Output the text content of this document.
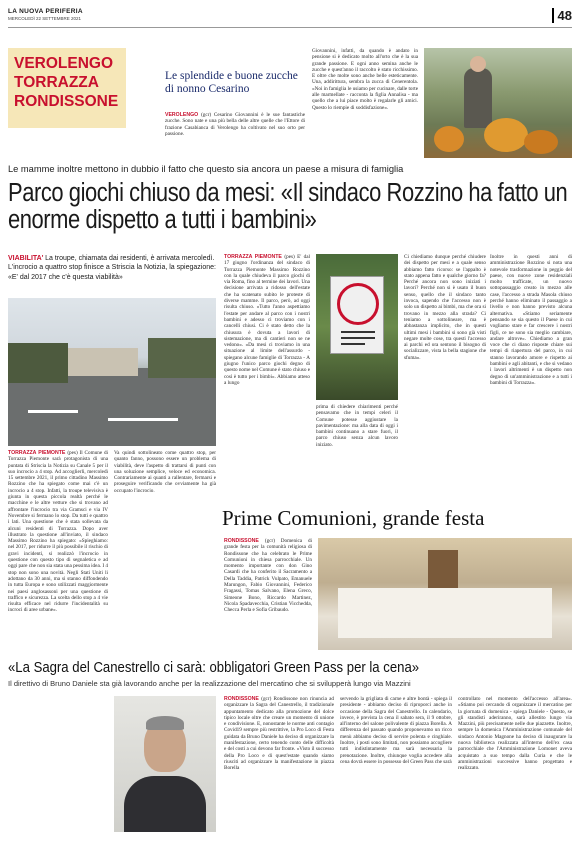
LA NUOVA PERIFERIA
MERCOLEDÌ 22 SETTEMBRE 2021	48
VEROLENGO
TORRAZZA
RONDISSONE
Le splendide e buone zucche di nonno Cesarino
VEROLENGO (gcr) Cesarino Giovannini è le sue fantastiche zucche. Sono nate e una più bella delle altre quelle che l'Ettore di frazione Casabianca di Verolengo ha coltivato nel suo orto per passione.
Giovannini, infatti, da quando è andato in pensione si è dedicato molto all'orto che è la sua grande passione. E ogni anno semina anche le zucche e quest'anno il raccolto è stato ricchissimo. E oltre che molte sono anche belle esteticamente. Una, addirittura, sembra la zucca di Cenerentola. «Noi in famiglia le usiamo per cucinare, dalle torte alle marmellate - racconta la figlia Annalisa - ma quello che a lui piace molto è regalarle gli amici. Questo lo riempie di soddisfazione».
Le mamme inoltre mettono in dubbio il fatto che questo sia ancora un paese a misura di famiglia
Parco giochi chiuso da mesi: «Il sindaco Rozzino ha fatto un enorme dispetto a tutti i bambini»
VIABILITA' La troupe, chiamata dai residenti, è arrivata mercoledì. L'incrocio a quattro stop finisce a Striscia la Notizia, la spiegazione: «E' dal 2017 che c'è questa viabilità»
TORRAZZA PIEMONTE (pes) Il Comune di Torrazza Piemonte sarà protagonista di una puntata di Striscia la Notizia su Canale 5 per il suo incrocio a 4 stop. Ad accoglierli, mercoledì 15 settembre 2021, il primo cittadino Massimo Rozzino che ha spiegato come mai c'è un incrocio a 4 stop. Infatti, la troupe televisiva è giunta in questa piccola realtà perché le macchine e le altre vetture che si trovano ad affrontare l'incrocio tra via Gramsci e via IV Novembre si fermano lo stop. Da tutti e quattro i lati. Una questione che è stata sollevata da alcuni residenti di Torrazza. Dopo aver illustrato la questione all'inviato, il sindaco Massimo Rozzino ha spiegato: «Spieghiamo: nel 2017, per ridurre il più possibile il rischio di gravi incidenti, si realizzò l'incrocio in questione con questo tipo di segnaletica e ad oggi pare che non sia stata una pessima idea. I 4 stop non sono una novità. Negli Stati Uniti li adottano da 30 anni, ma si stanno diffondendo in tutta Europa e sono utilizzati maggiormente nei paesi anglosassoni per una questione di traffico e sicurezza. La scelta dello stop a 4 vie risulta efficace nel ridurre l'incidentalità su incroci di aree urbane».
Va quindi sottolineato come quattro stop, per quanto fanno, possono essere un problema di viabilità, deve l'aspetto di trattarsi di punti con una soluzione semplice, veloce ed economica. Contrariamente ai quanti a rallentare, fermarsi e proseguire verificando che ovviamente ha già occupato l'incrocio.
TORRAZZA PIEMONTE (pes) E' dal 17 giugno l'ordinanza del sindaco di Torrazza Piemonte Massimo Rozzino con la quale chiudeva il parco giochi di via Roma, fino al termine dei lavori. Una decisione arrivata a ridosso dell'estate che ha scatenato subito le proteste di diverse mamme. Il parco, però, ad oggi risulta chiuso. «Tutto l'anno aspettiamo l'estate per andare al parco con i nostri bambini e adesso ci troviamo con i cancelli chiusi. Ci è stato detto che la chiusura è dovuta a lavori di sistemazione, ma di cantieri non se ne vedono». «Da mesi ci troviamo in una situazione al limite dell'assurdo - spiegano alcune famiglie di Torrazza - A giugno l'unico parco giochi degno di questo nome nel Comune è stato chiuso e così è tutto per i bimbi». Abbiamo atteso a lungo
prima di chiedere chiarimenti perché pensavamo che in tempi celeri il Comune potesse aggiustare la pavimentazione: ma alla data di oggi i bambini continuano a stare fuori, il parco chiuso senza alcun lavoro iniziato.
Ci chiediamo dunque perché chiudere dei dispetto per mesi e a quale senso abbiamo fatto ricorso: se l'appalto è stato appena fatto e qualche giorno fa? Perché ancora non sono iniziati i lavori? Perché non si è usato il buon senso, quello che il sindaco tanto invoca, sapendo che l'accesso non è solo un dispetto ai bimbi, ma che ora si trovano in mezzo alla strada? Ci teniamo a sottolineare, ma è abbastanza implicito, che in questi ultimi mesi i bambini si sono già visti negare molte cose, tra questi l'accesso ai parchi ed ora sentono il bisogno di socializzare, vista la bella stagione che sfuma».
Inoltre in questi anni di amministrazione Rozzino si nota una notevole trasformazione in peggio del paese, con nuove zone residenziali molto trafficate, un nuovo sottopassaggio creato in mezzo alle case, l'accesso a strada Masola chiuso perché hanno eliminato il passaggio a livello e non hanno previsto alcuna alternativa. «Stiamo seriamente pensando se sia questo il Paese in cui vogliamo stare e far crescere i nostri figli, ce ne sono sia meglio cambiare, andare altrove». Chiediamo a gran voce che ci diano risposte chiare sui tempi di riapertura del parco, in cui stanno lavorando amore e rispetto ai bambini e agli abitanti, e che si vedano i lavori altrimenti è un dispetto non degno di un'amministrazione e a tutti i bambini di Torrazza».
Prime Comunioni, grande festa
RONDISSONE (gcr) Domenica di grande festa per la comunità religiosa di Rondissone che ha celebrato le Prime Comunioni in chiesa parrocchiale. Un momento importante con don Gino Casardi che ha conferito il Sacramento a Della Taddia, Patrick Vulpato, Emanuele Marungon, Fabio Giovannini, Federico Fragassi, Tomas Salvano, Elena Greco, Simeone Bono, Riccardo Martinez, Nicola Spadavecchia, Cristian Vicchedda, Checca Perla e Sofia Gribaudo.
«La Sagra del Canestrello ci sarà: obbligatori Green Pass per la cena»
Il direttivo di Bruno Daniele sta già lavorando anche per la realizzazione del mercatino che si svilupperà lungo via Mazzini
RONDISSONE (gcr) Rondissone non rinuncia ad organizzare la Sagra del Canestrello, il tradizionale appuntamento dedicato alla promozione del dolce tipico locale oltre che creare un momento di unione e condivisione. E, nonostante le norme anti contagio Covid19 sempre più restrittive, la Pro Loco di Festa guidata da Bruno Daniele ha deciso di organizzare la manifestazione, certo tenendo conto delle difficoltà e del costi a cui devono far fronte. «Visto il successo della Pro Loco e di quest'estate quando siamo riusciti ad organizzare la manifestazione in piazza Borella
servendo la grigliata di carne e altre bontà - spiega il presidente - abbiamo deciso di riproporci anche in occasione della Sagra del Canestrello. In calendario, invece, è prevista la cena il sabato sera, il 9 ottobre, all'interno del salone polivalente di piazza Borella. A differenza del passato quando proponevamo un ricco menù abbiamo deciso di servire polenta e cinghiale. Inoltre, i posti sono limitati, non possiamo accogliere tutti indistintamente ma sarà necessaria la prenotazione. Inoltre, chiunque voglia accedere alla cena dovrà essere in possesso del Green Pass che sarà
controllato nel momento dell'accesso all'area». «Stiamo poi cercando di organizzare il mercatino per la giornata di domenica - spiega Daniele - Questo, se gli standisti aderiranno, sarà allestito lungo via Mazzini, più precisamente nelle due piazzette. Inoltre, sempre la domenica l'Amministrazione comunale del sindaco Antonio Magnone ha deciso di inaugurare la nuova biblioteca realizzata all'interno dell'ex casa parrocchiale che l'Amministrazione Lomonet aveva acquistato a suo tempo dalla Curia e che le amministrazioni successive hanno progettato e realizzato.
